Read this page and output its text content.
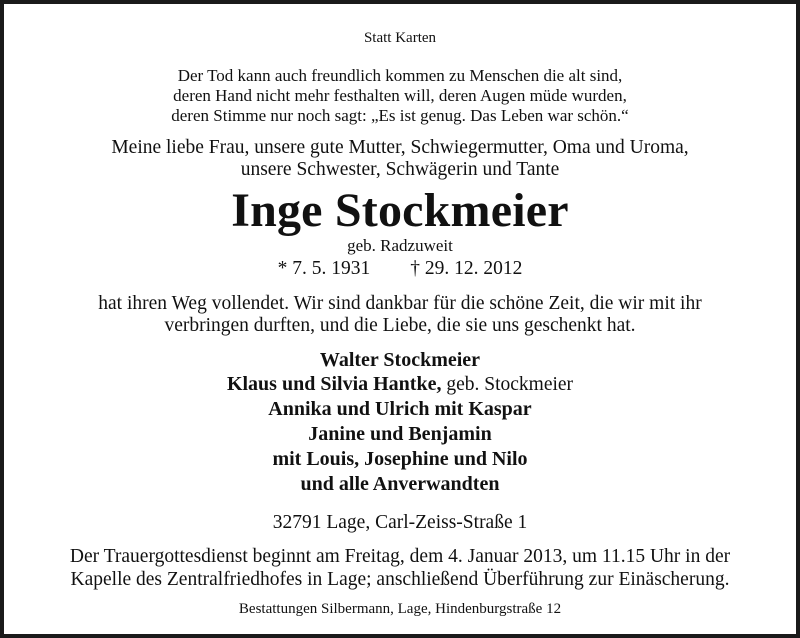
Statt Karten
Der Tod kann auch freundlich kommen zu Menschen die alt sind,
deren Hand nicht mehr festhalten will, deren Augen müde wurden,
deren Stimme nur noch sagt: „Es ist genug. Das Leben war schön.“
Meine liebe Frau, unsere gute Mutter, Schwiegermutter, Oma und Uroma,
unsere Schwester, Schwägerin und Tante
Inge Stockmeier
geb. Radzuweit
* 7. 5. 1931 † 29. 12. 2012
hat ihren Weg vollendet. Wir sind dankbar für die schöne Zeit, die wir mit ihr
verbringen durften, und die Liebe, die sie uns geschenkt hat.
Walter Stockmeier
Klaus und Silvia Hantke, geb. Stockmeier
Annika und Ulrich mit Kaspar
Janine und Benjamin
mit Louis, Josephine und Nilo
und alle Anverwandten
32791 Lage, Carl-Zeiss-Straße 1
Der Trauergottesdienst beginnt am Freitag, dem 4. Januar 2013, um 11.15 Uhr in der
Kapelle des Zentralfriedhofes in Lage; anschließend Überführung zur Einäscherung.
Bestattungen Silbermann, Lage, Hindenburgstraße 12
